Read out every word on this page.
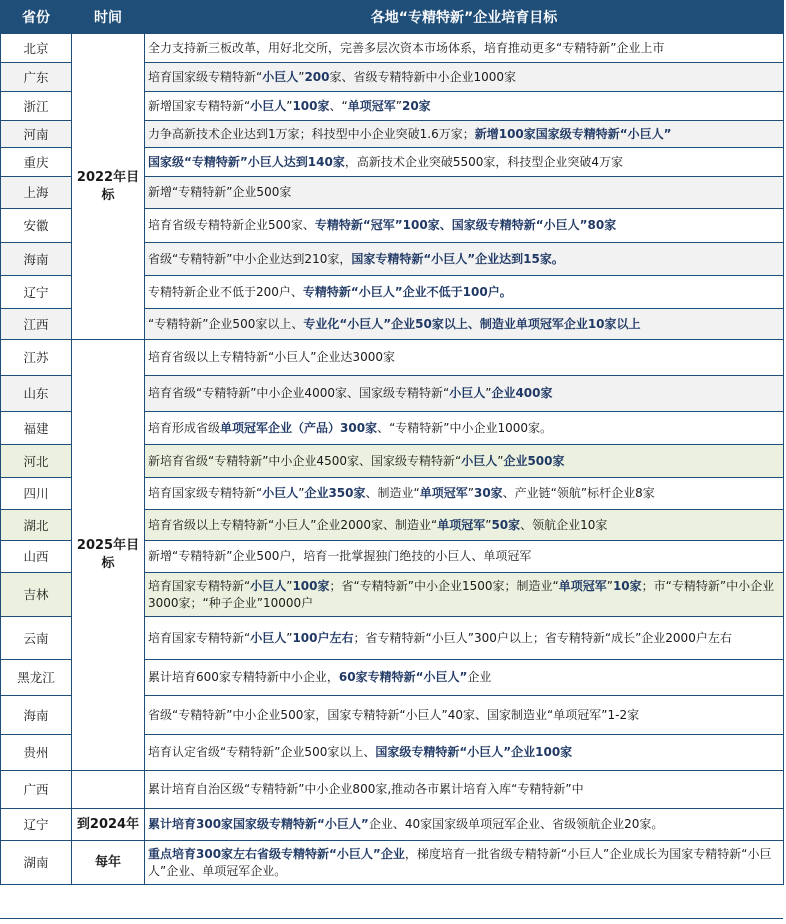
省份	时间	各地“专精特新”企业培育目标
北京	2022年目标	全力支持新三板改革，用好北交所，完善多层次资本市场体系，培育推动更多“专精特新”企业上市
广东		培育国家级专精特新“小巨人”200家、省级专精特新中小企业1000家
浙江		新增国家专精特新“小巨人”100家、“单项冠军”20家
河南		力争高新技术企业达到1万家；科技型中小企业突破1.6万家；新增100家国家级专精特新“小巨人”
重庆		国家级“专精特新”小巨人达到140家，高新技术企业突破5500家，科技型企业突破4万家
上海		新增“专精特新”企业500家
安徽		培育省级专精特新企业500家、专精特新“冠军”100家、国家级专精特新“小巨人”80家
海南		省级“专精特新”中小企业达到210家，国家专精特新“小巨人”企业达到15家。
辽宁		专精特新企业不低于200户、专精特新“小巨人”企业不低于100户。
江西		“专精特新”企业500家以上、专业化“小巨人”企业50家以上、制造业单项冠军企业10家以上
江苏	2025年目标	培育省级以上专精特新“小巨人”企业达3000家
山东		培育省级“专精特新”中小企业4000家、国家级专精特新“小巨人”企业400家
福建		培育形成省级单项冠军企业（产品）300家、“专精特新”中小企业1000家。
河北		新培育省级“专精特新”中小企业4500家、国家级专精特新“小巨人”企业500家
四川		培育国家级专精特新“小巨人”企业350家、制造业“单项冠军”30家、产业链“领航”标杆企业8家
湖北		培育省级以上专精特新“小巨人”企业2000家、制造业“单项冠军”50家、领航企业10家
山西		新增“专精特新”企业500户，培育一批掌握独门绝技的小巨人、单项冠军
吉林		培育国家专精特新“小巨人”100家；省“专精特新”中小企业1500家；制造业“单项冠军”10家；市“专精特新”中小企业3000家；“种子企业”10000户
云南		培育国家专精特新“小巨人”100户左右；省专精特新“小巨人”300户以上；省专精特新“成长”企业2000户左右
黑龙江		累计培育600家专精特新中小企业，60家专精特新“小巨人”企业
海南		省级“专精特新”中小企业500家，国家专精特新“小巨人”40家、国家制造业“单项冠军”1-2家
贵州		培育认定省级“专精特新”企业500家以上、国家级专精特新“小巨人”企业100家
广西		累计培育自治区级“专精特新”中小企业800家,推动各市累计培育入库“专精特新”中
辽宁	到2024年	累计培育300家国家级专精特新“小巨人”企业、40家国家级单项冠军企业、省级领航企业20家。
湖南	每年	重点培育300家左右省级专精特新“小巨人”企业，梯度培育一批省级专精特新“小巨人”企业成长为国家专精特新“小巨人”企业、单项冠军企业。
